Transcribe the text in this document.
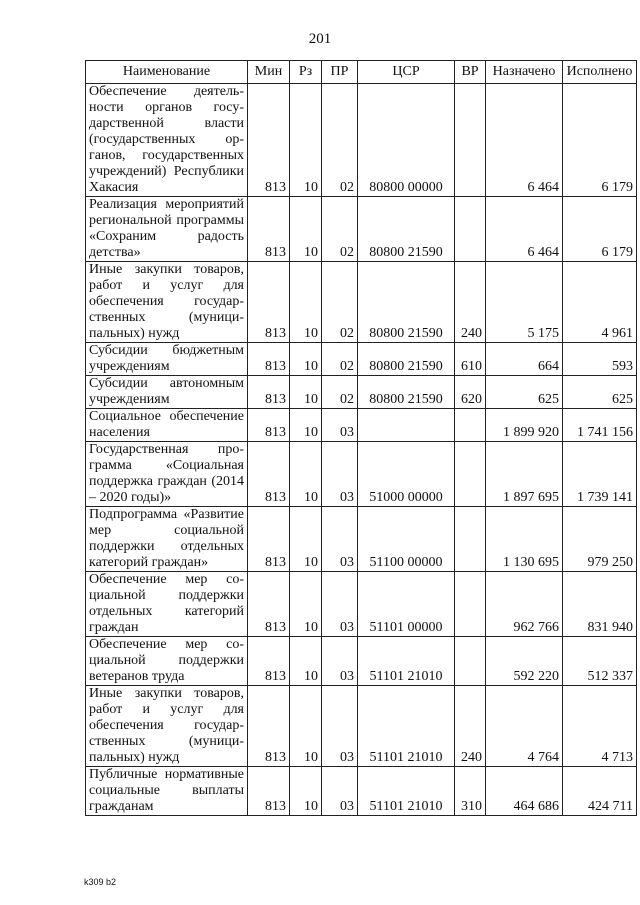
201
Наименование	Мин	Рз	ПР	ЦСР	ВР	Назначено	Исполнено
Обеспечение деятельности органов государственной власти (государственных органов, государственных учреждений) Республики Хакасия	813	10	02	80800 00000		6 464	6 179
Реализация мероприятий региональной программы «Сохраним радость детства»	813	10	02	80800 21590		6 464	6 179
Иные закупки товаров, работ и услуг для обеспечения государственных (муниципальных) нужд	813	10	02	80800 21590	240	5 175	4 961
Субсидии бюджетным учреждениям	813	10	02	80800 21590	610	664	593
Субсидии автономным учреждениям	813	10	02	80800 21590	620	625	625
Социальное обеспечение населения	813	10	03			1 899 920	1 741 156
Государственная программа «Социальная поддержка граждан (2014 – 2020 годы)»	813	10	03	51000 00000		1 897 695	1 739 141
Подпрограмма «Развитие мер социальной поддержки отдельных категорий граждан»	813	10	03	51100 00000		1 130 695	979 250
Обеспечение мер социальной поддержки отдельных категорий граждан	813	10	03	51101 00000		962 766	831 940
Обеспечение мер социальной поддержки ветеранов труда	813	10	03	51101 21010		592 220	512 337
Иные закупки товаров, работ и услуг для обеспечения государственных (муниципальных) нужд	813	10	03	51101 21010	240	4 764	4 713
Публичные нормативные социальные выплаты гражданам	813	10	03	51101 21010	310	464 686	424 711
k309 b2
